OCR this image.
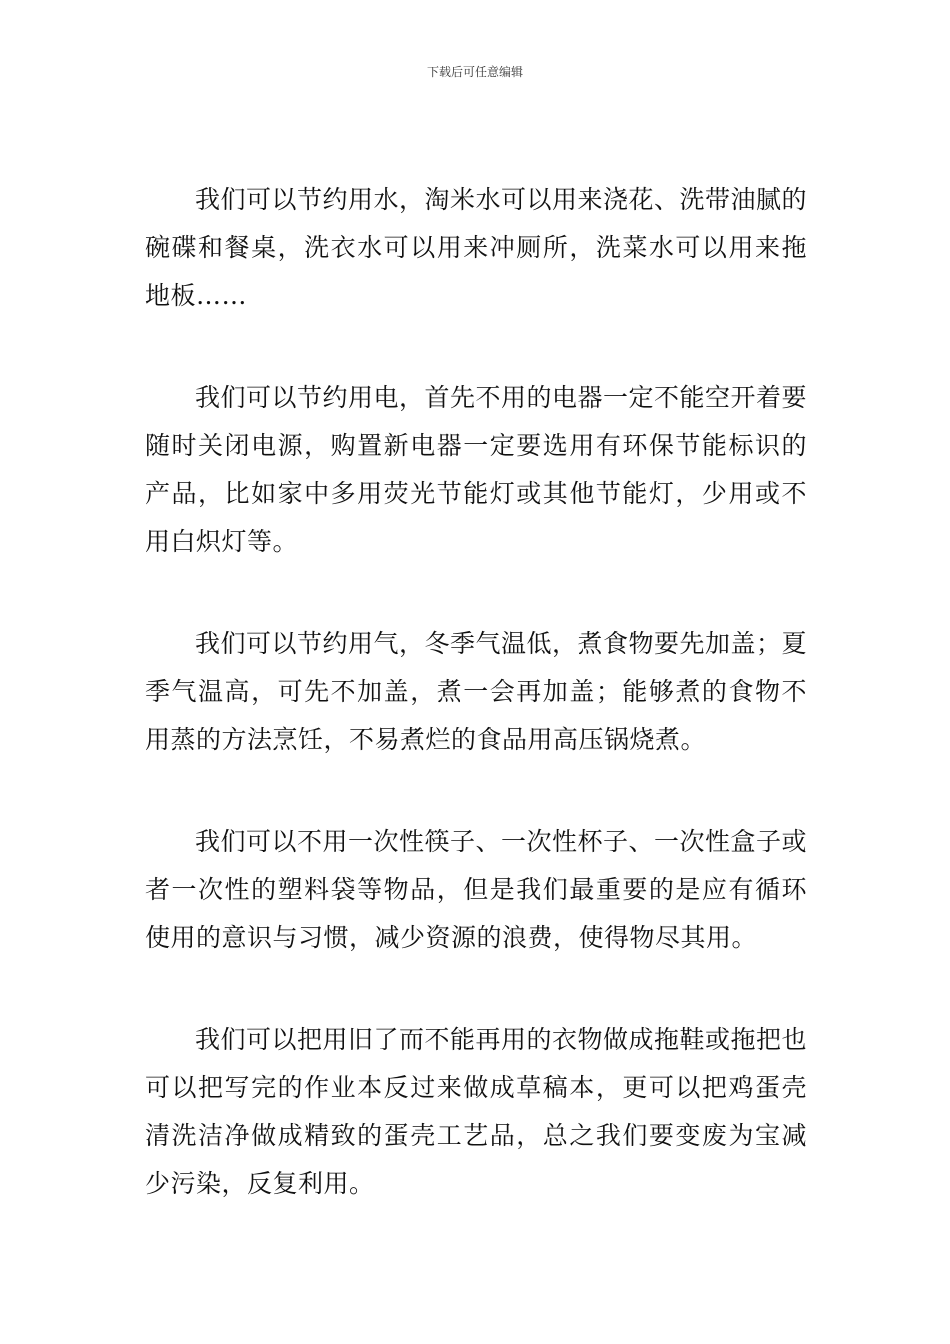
下载后可任意编辑

我们可以节约用水，淘米水可以用来浇花、洗带油腻的碗碟和餐桌，洗衣水可以用来冲厕所，洗菜水可以用来拖地板……

我们可以节约用电，首先不用的电器一定不能空开着要随时关闭电源，购置新电器一定要选用有环保节能标识的产品，比如家中多用荧光节能灯或其他节能灯，少用或不用白炽灯等。

我们可以节约用气，冬季气温低，煮食物要先加盖；夏季气温高，可先不加盖，煮一会再加盖；能够煮的食物不用蒸的方法烹饪，不易煮烂的食品用高压锅烧煮。

我们可以不用一次性筷子、一次性杯子、一次性盒子或者一次性的塑料袋等物品，但是我们最重要的是应有循环使用的意识与习惯，减少资源的浪费，使得物尽其用。

我们可以把用旧了而不能再用的衣物做成拖鞋或拖把也可以把写完的作业本反过来做成草稿本，更可以把鸡蛋壳清洗洁净做成精致的蛋壳工艺品，总之我们要变废为宝减少污染，反复利用。
